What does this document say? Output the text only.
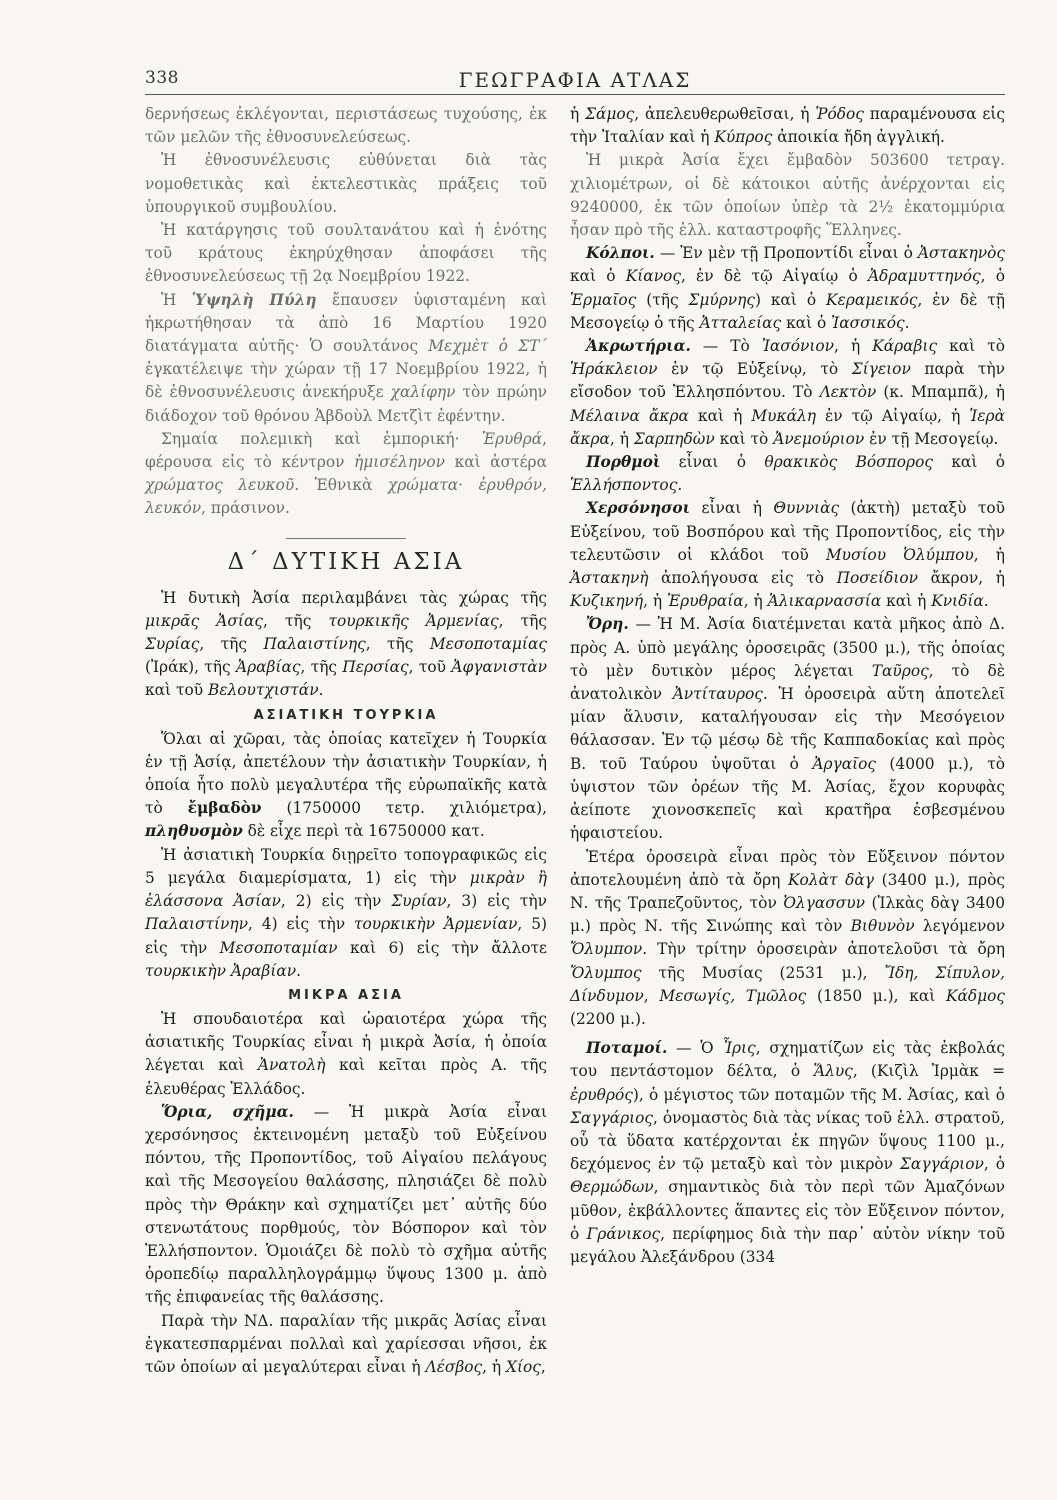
338	ΓΕΩΓΡΑΦΙΑ ΑΤΛΑΣ

δερνήσεως ἐκλέγονται, περιστάσεως τυχούσης, ἐκ τῶν μελῶν τῆς ἐθνοσυνελεύσεως.

Ἡ ἐθνοσυνέλευσις εὐθύνεται διὰ τὰς νομοθετικὰς καὶ ἐκτελεστικὰς πράξεις τοῦ ὑπουργικοῦ συμβουλίου.

Ἡ κατάργησις τοῦ σουλτανάτου καὶ ἡ ἑνότης τοῦ κράτους ἐκηρύχθησαν ἀποφάσει τῆς ἐθνοσυνελεύσεως τῇ 2ᾳ Νοεμβρίου 1922.

Ἡ Ὑψηλὴ Πύλη ἔπαυσεν ὑφισταμένη καὶ ἠκρωτήθησαν τὰ ἀπὸ 16 Μαρτίου 1920 διατάγματα αὐτῆς· Ὁ σουλτάνος Μεχμὲτ ὁ ΣΤ΄ ἐγκατέλειψε τὴν χώραν τῇ 17 Νοεμβρίου 1922, ἡ δὲ ἐθνοσυνέλευσις ἀνεκήρυξε χαλίφην τὸν πρώην διάδοχον τοῦ θρόνου Ἀβδοὺλ Μετζὶτ ἐφέντην.

Σημαία πολεμικὴ καὶ ἐμπορική· Ἐρυθρά, φέρουσα εἰς τὸ κέντρον ἡμισέληνον καὶ ἀστέρα χρώματος λευκοῦ. Ἐθνικὰ χρώματα· ἐρυθρόν, λευκόν, πράσινον.

Δ΄ ΔΥΤΙΚΗ ΑΣΙΑ

Ἡ δυτικὴ Ἀσία περιλαμβάνει τὰς χώρας τῆς μικρᾶς Ἀσίας, τῆς τουρκικῆς Ἀρμενίας, τῆς Συρίας, τῆς Παλαιστίνης, τῆς Μεσοποταμίας (Ἰράκ), τῆς Ἀραβίας, τῆς Περσίας, τοῦ Ἀφγανιστὰν καὶ τοῦ Βελουτχιστάν.

ΑΣΙΑΤΙΚΗ ΤΟΥΡΚΙΑ

Ὅλαι αἱ χῶραι, τὰς ὁποίας κατεῖχεν ἡ Τουρκία ἐν τῇ Ἀσίᾳ, ἀπετέλουν τὴν ἀσιατικὴν Τουρκίαν, ἡ ὁποία ἦτο πολὺ μεγαλυτέρα τῆς εὐρωπαϊκῆς κατὰ τὸ ἔμβαδὸν (1750000 τετρ. χιλιόμετρα), πληθυσμὸν δὲ εἶχε περὶ τὰ 16750000 κατ.

Ἡ ἀσιατικὴ Τουρκία διῃρεῖτο τοπογραφικῶς εἰς 5 μεγάλα διαμερίσματα, 1) εἰς τὴν μικρὰν ἢ ἐλάσσονα Ἀσίαν, 2) εἰς τὴν Συρίαν, 3) εἰς τὴν Παλαιστίνην, 4) εἰς τὴν τουρκικὴν Ἀρμενίαν, 5) εἰς τὴν Μεσοποταμίαν καὶ 6) εἰς τὴν ἄλλοτε τουρκικὴν Ἀραβίαν.

ΜΙΚΡΑ ΑΣΙΑ

Ἡ σπουδαιοτέρα καὶ ὡραιοτέρα χώρα τῆς ἀσιατικῆς Τουρκίας εἶναι ἡ μικρὰ Ἀσία, ἡ ὁποία λέγεται καὶ Ἀνατολὴ καὶ κεῖται πρὸς Α. τῆς ἐλευθέρας Ἑλλάδος.

Ὅρια, σχῆμα. — Ἡ μικρὰ Ἀσία εἶναι χερσόνησος ἐκτεινομένη μεταξὺ τοῦ Εὐξείνου πόντου, τῆς Προποντίδος, τοῦ Αἰγαίου πελάγους καὶ τῆς Μεσογείου θαλάσσης, πλησιάζει δὲ πολὺ πρὸς τὴν Θράκην καὶ σχηματίζει μετ᾽ αὐτῆς δύο στενωτάτους πορθμούς, τὸν Βόσπορον καὶ τὸν Ἑλλήσποντον. Ὁμοιάζει δὲ πολὺ τὸ σχῆμα αὐτῆς ὀροπεδίῳ παραλληλογράμμῳ ὕψους 1300 μ. ἀπὸ τῆς ἐπιφανείας τῆς θαλάσσης.

Παρὰ τὴν ΝΔ. παραλίαν τῆς μικρᾶς Ἀσίας εἶναι ἐγκατεσπαρμέναι πολλαὶ καὶ χαρίεσσαι νῆσοι, ἐκ τῶν ὁποίων αἱ μεγαλύτεραι εἶναι ἡ Λέσβος, ἡ Χίος,

ἡ Σάμος, ἀπελευθερωθεῖσαι, ἡ Ῥόδος παραμένουσα εἰς τὴν Ἰταλίαν καὶ ἡ Κύπρος ἀποικία ἤδη ἀγγλική.

Ἡ μικρὰ Ἀσία ἔχει ἔμβαδὸν 503600 τετραγ. χιλιομέτρων, οἱ δὲ κάτοικοι αὐτῆς ἀνέρχονται εἰς 9240000, ἐκ τῶν ὁποίων ὑπὲρ τὰ 2½ ἑκατομμύρια ἦσαν πρὸ τῆς ἑλλ. καταστροφῆς Ἕλληνες.

Κόλποι. — Ἐν μὲν τῇ Προποντίδι εἶναι ὁ Ἀστακηνὸς καὶ ὁ Κίανος, ἐν δὲ τῷ Αἰγαίῳ ὁ Ἀδραμυττηνός, ὁ Ἑρμαῖος (τῆς Σμύρνης) καὶ ὁ Κεραμεικός, ἐν δὲ τῇ Μεσογείῳ ὁ τῆς Ἀτταλείας καὶ ὁ Ἰασσικός.

Ἀκρωτήρια. — Τὸ Ἰασόνιον, ἡ Κάραβις καὶ τὸ Ἡράκλειον ἐν τῷ Εὐξείνῳ, τὸ Σίγειον παρὰ τὴν εἴσοδον τοῦ Ἑλλησπόντου. Τὸ Λεκτὸν (κ. Μπαμπᾶ), ἡ Μέλαινα ἄκρα καὶ ἡ Μυκάλη ἐν τῷ Αἰγαίῳ, ἡ Ἱερὰ ἄκρα, ἡ Σαρπηδὼν καὶ τὸ Ἀνεμούριον ἐν τῇ Μεσογείῳ.

Πορθμοὶ εἶναι ὁ θρακικὸς Βόσπορος καὶ ὁ Ἑλλήσποντος.

Χερσόνησοι εἶναι ἡ Θυννιὰς (ἀκτὴ) μεταξὺ τοῦ Εὐξείνου, τοῦ Βοσπόρου καὶ τῆς Προποντίδος, εἰς τὴν τελευτῶσιν οἱ κλάδοι τοῦ Μυσίου Ὀλύμπου, ἡ Ἀστακηνὴ ἀπολήγουσα εἰς τὸ Ποσείδιον ἄκρον, ἡ Κυζικηνή, ἡ Ἐρυθραία, ἡ Ἁλικαρνασσία καὶ ἡ Κνιδία.

Ὄρη. — Ἡ Μ. Ἀσία διατέμνεται κατὰ μῆκος ἀπὸ Δ. πρὸς Α. ὑπὸ μεγάλης ὀροσειρᾶς (3500 μ.), τῆς ὁποίας τὸ μὲν δυτικὸν μέρος λέγεται Ταῦρος, τὸ δὲ ἀνατολικὸν Ἀντίταυρος. Ἡ ὀροσειρὰ αὕτη ἀποτελεῖ μίαν ἅλυσιν, καταλήγουσαν εἰς τὴν Μεσόγειον θάλασσαν. Ἐν τῷ μέσῳ δὲ τῆς Καππαδοκίας καὶ πρὸς Β. τοῦ Ταύρου ὑψοῦται ὁ Ἀργαῖος (4000 μ.), τὸ ὑψιστον τῶν ὀρέων τῆς Μ. Ἀσίας, ἔχον κορυφὰς ἀείποτε χιονοσκεπεῖς καὶ κρατῆρα ἐσβεσμένου ἡφαιστείου.

Ἑτέρα ὀροσειρὰ εἶναι πρὸς τὸν Εὔξεινον πόντον ἀποτελουμένη ἀπὸ τὰ ὄρη Κολὰτ δὰγ (3400 μ.), πρὸς Ν. τῆς Τραπεζοῦντος, τὸν Ὀλγασσυν (Ἰλκὰς δὰγ 3400 μ.) πρὸς Ν. τῆς Σινώπης καὶ τὸν Βιθυνὸν λεγόμενον Ὄλυμπον. Τὴν τρίτην ὀροσειρὰν ἀποτελοῦσι τὰ ὄρη Ὄλυμπος τῆς Μυσίας (2531 μ.), Ἴδη, Σίπυλον, Δίνδυμον, Μεσωγίς, Τμῶλος (1850 μ.), καὶ Κάδμος (2200 μ.).

Ποταμοί. — Ὁ Ἶρις, σχηματίζων εἰς τὰς ἐκβολάς του πεντάστομον δέλτα, ὁ Ἅλυς, (Κιζὶλ Ἰρμὰκ = ἐρυθρός), ὁ μέγιστος τῶν ποταμῶν τῆς Μ. Ἀσίας, καὶ ὁ Σαγγάριος, ὀνομαστὸς διὰ τὰς νίκας τοῦ ἑλλ. στρατοῦ, οὗ τὰ ὕδατα κατέρχονται ἐκ πηγῶν ὕψους 1100 μ., δεχόμενος ἐν τῷ μεταξὺ καὶ τὸν μικρὸν Σαγγάριον, ὁ Θερμώδων, σημαντικὸς διὰ τὸν περὶ τῶν Ἀμαζόνων μῦθον, ἐκβάλλοντες ἅπαντες εἰς τὸν Εὔξεινον πόντον, ὁ Γράνικος, περίφημος διὰ τὴν παρ᾽ αὐτὸν νίκην τοῦ μεγάλου Ἀλεξάνδρου (334
